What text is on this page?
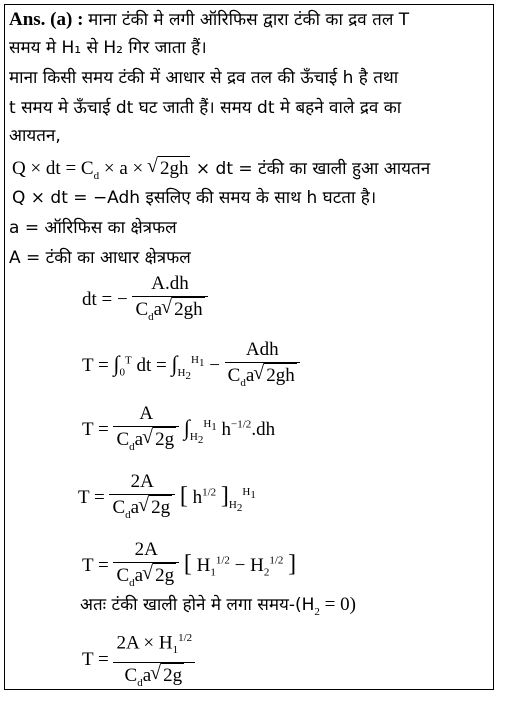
Ans. (a) : माना टंकी मे लगी ऑरिफिस द्वारा टंकी का द्रव तल T
समय मे H₁ से H₂ गिर जाता हैं।
माना किसी समय टंकी में आधार से द्रव तल की ऊँचाई h है तथा
t समय मे ऊँचाई dt घट जाती हैं। समय dt मे बहने वाले द्रव का
आयतन,
Q × dt = $C_d \times a$ × √ 2gh × dt = टंकी का खाली हुआ आयतन
Q × dt = −Adh इसलिए की समय के साथ h घटता है।
a = ऑरिफिस का क्षेत्रफल
A = टंकी का आधार क्षेत्रफल
dt = − $\frac{A.dh}{C_da √ 2gh}$
$T = \int_0^T$ dt = $\int_{H_2}^{H_1} - \frac{\text{Adh}}{C_da √ 2gh}$
$T = \frac{A}{C_da √ 2g} \int_{H_2}^{H_1}$ $h^{-1/2}.dh$
$T = \frac{2A}{C_da √ 2g}$ [ $h^{1/2}$ ]$_{H_2}^{H_1}$
$T = \frac{2A}{C_da √ 2g}$ [ $H_1^{1/2} - H_2^{1/2}$ ]
अतः टंकी खाली होने मे लगा समय-$(H_2 = 0)$
$T = \frac{2A \times H_1^{1/2}}{C_da √ 2g}$
